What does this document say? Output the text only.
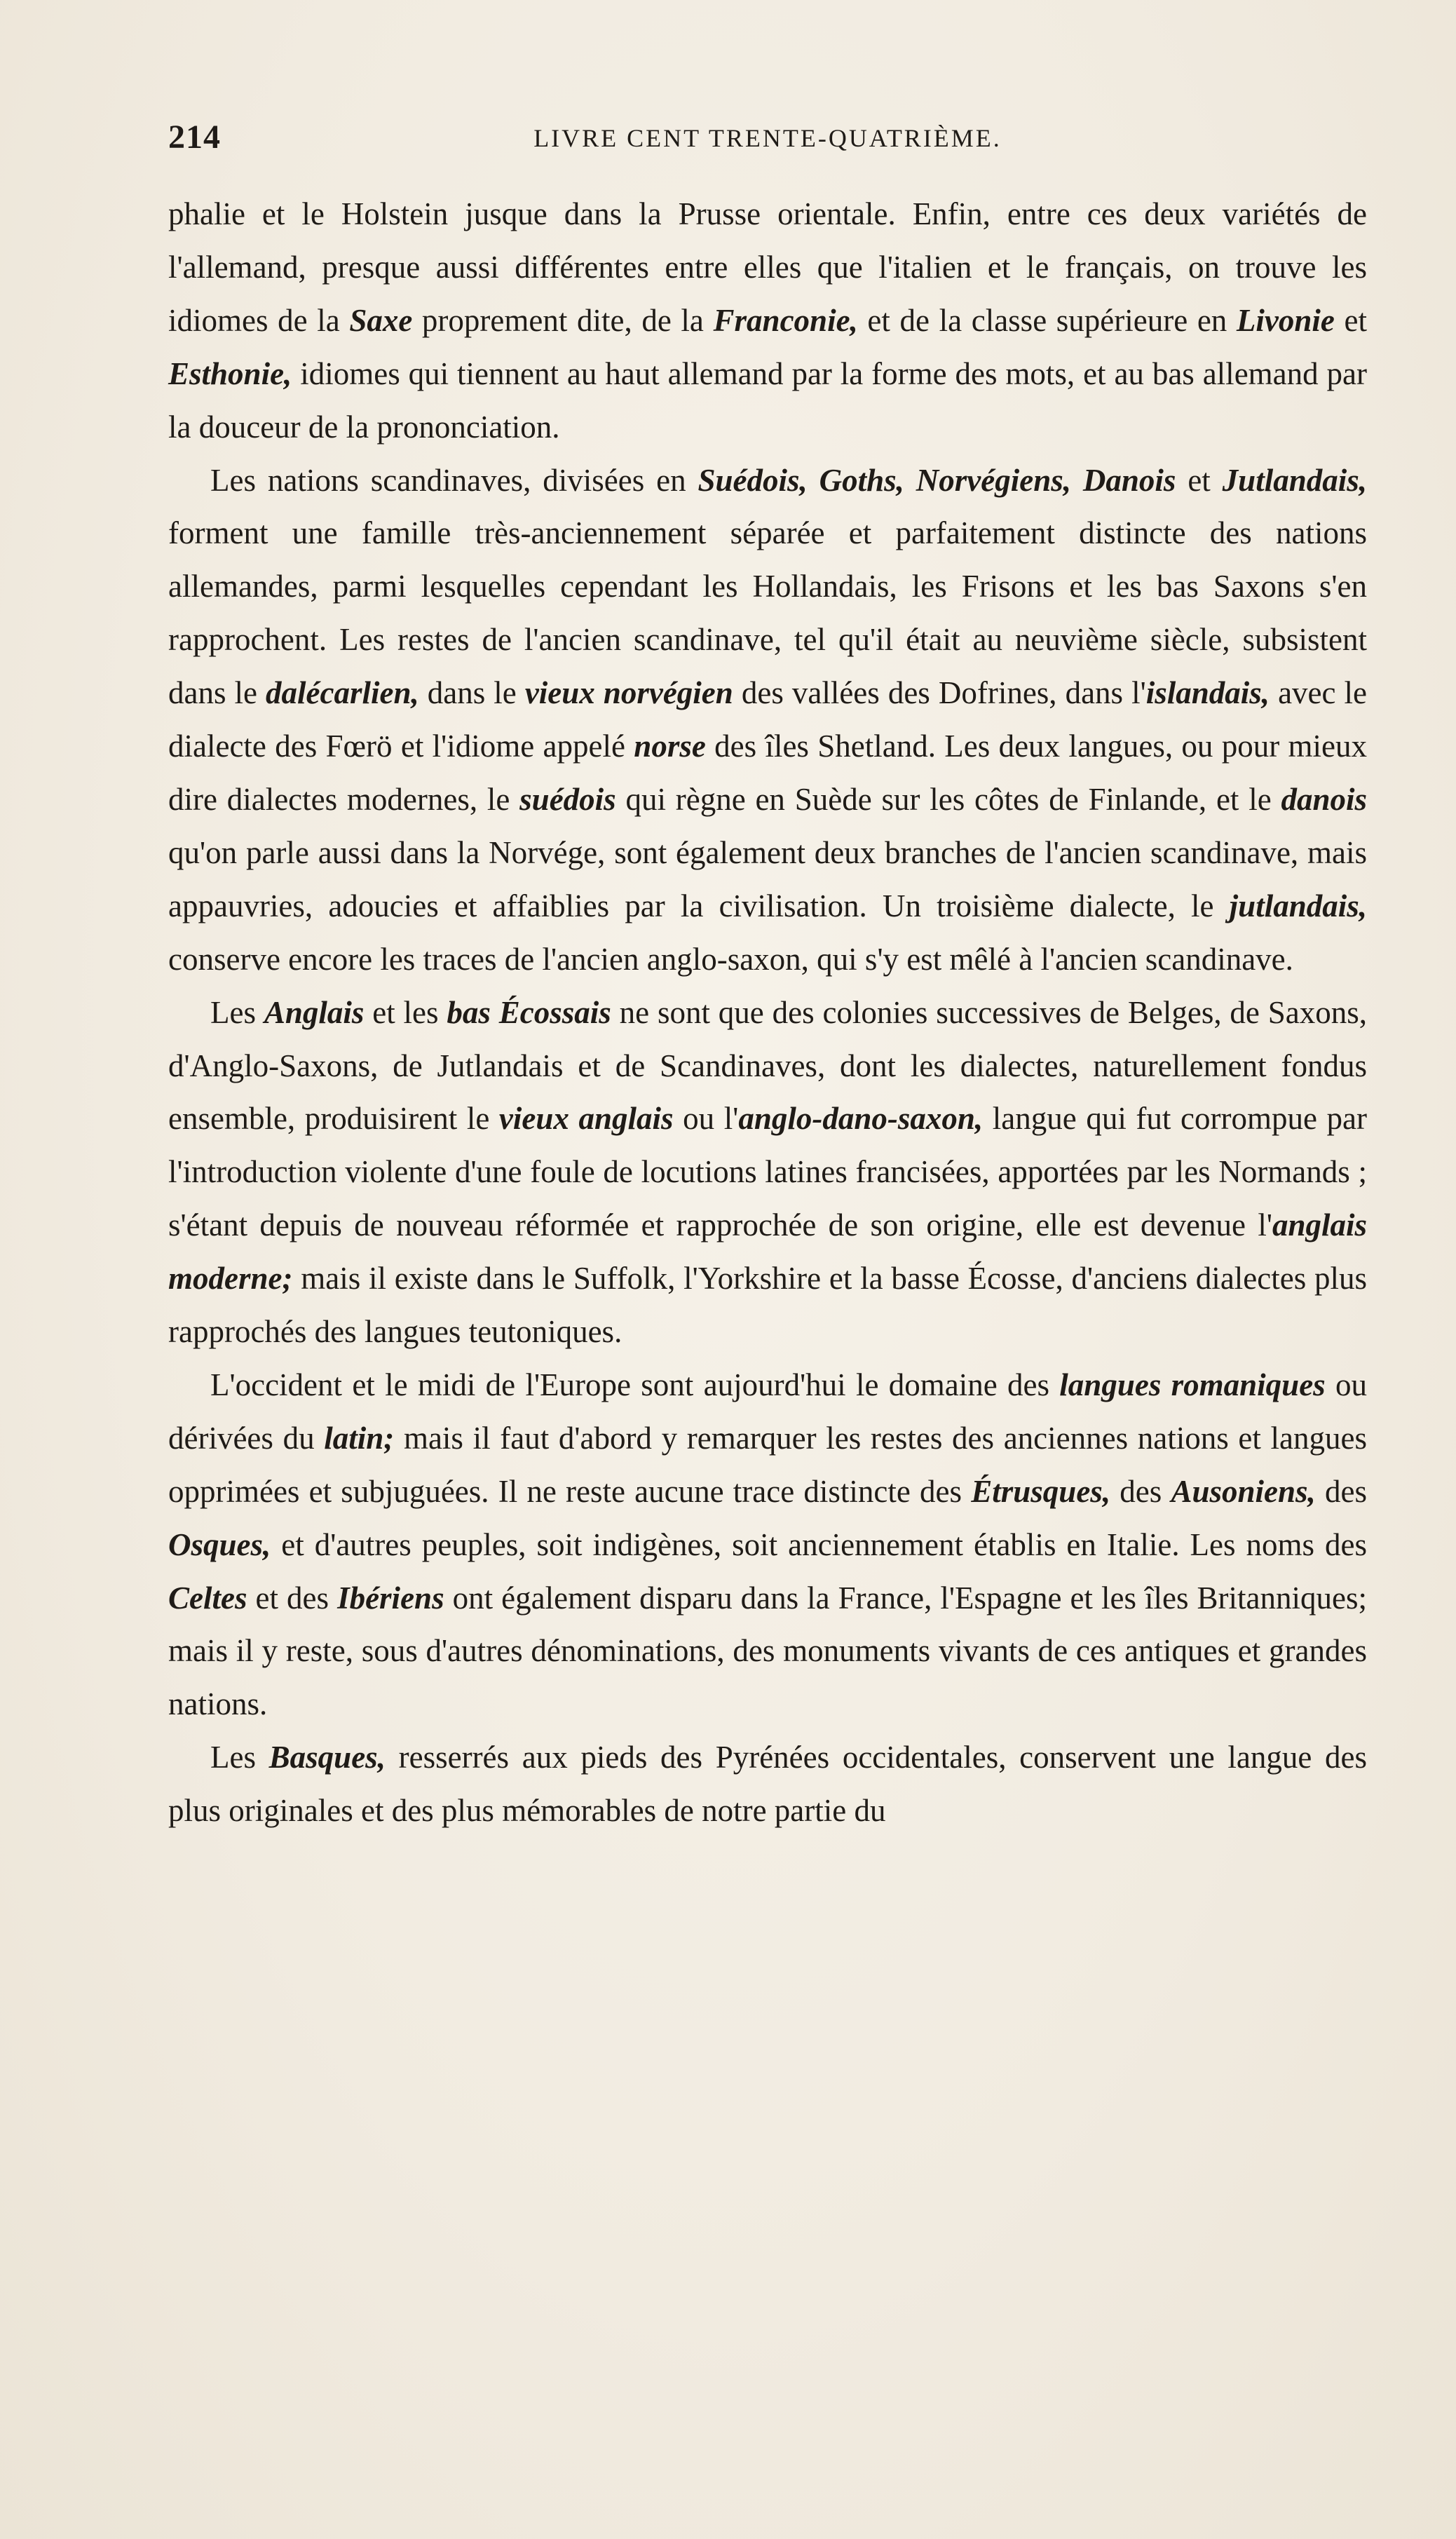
214	LIVRE CENT TRENTE-QUATRIÈME.

phalie et le Holstein jusque dans la Prusse orientale. Enfin, entre ces deux variétés de l'allemand, presque aussi différentes entre elles que l'italien et le français, on trouve les idiomes de la Saxe proprement dite, de la Franconie, et de la classe supérieure en Livonie et Esthonie, idiomes qui tiennent au haut allemand par la forme des mots, et au bas allemand par la douceur de la prononciation.

Les nations scandinaves, divisées en Suédois, Goths, Norvégiens, Danois et Jutlandais, forment une famille très-anciennement séparée et parfaitement distincte des nations allemandes, parmi lesquelles cependant les Hollandais, les Frisons et les bas Saxons s'en rapprochent. Les restes de l'ancien scandinave, tel qu'il était au neuvième siècle, subsistent dans le dalécarlien, dans le vieux norvégien des vallées des Dofrines, dans l'islandais, avec le dialecte des Fœrö et l'idiome appelé norse des îles Shetland. Les deux langues, ou pour mieux dire dialectes modernes, le suédois qui règne en Suède sur les côtes de Finlande, et le danois qu'on parle aussi dans la Norvége, sont également deux branches de l'ancien scandinave, mais appauvries, adoucies et affaiblies par la civilisation. Un troisième dialecte, le jutlandais, conserve encore les traces de l'ancien anglo-saxon, qui s'y est mêlé à l'ancien scandinave.

Les Anglais et les bas Écossais ne sont que des colonies successives de Belges, de Saxons, d'Anglo-Saxons, de Jutlandais et de Scandinaves, dont les dialectes, naturellement fondus ensemble, produisirent le vieux anglais ou l'anglo-dano-saxon, langue qui fut corrompue par l'introduction violente d'une foule de locutions latines francisées, apportées par les Normands ; s'étant depuis de nouveau réformée et rapprochée de son origine, elle est devenue l'anglais moderne; mais il existe dans le Suffolk, l'Yorkshire et la basse Écosse, d'anciens dialectes plus rapprochés des langues teutoniques.

L'occident et le midi de l'Europe sont aujourd'hui le domaine des langues romaniques ou dérivées du latin; mais il faut d'abord y remarquer les restes des anciennes nations et langues opprimées et subjuguées. Il ne reste aucune trace distincte des Étrusques, des Ausoniens, des Osques, et d'autres peuples, soit indigènes, soit anciennement établis en Italie. Les noms des Celtes et des Ibériens ont également disparu dans la France, l'Espagne et les îles Britanniques; mais il y reste, sous d'autres dénominations, des monuments vivants de ces antiques et grandes nations.

Les Basques, resserrés aux pieds des Pyrénées occidentales, conservent une langue des plus originales et des plus mémorables de notre partie du
